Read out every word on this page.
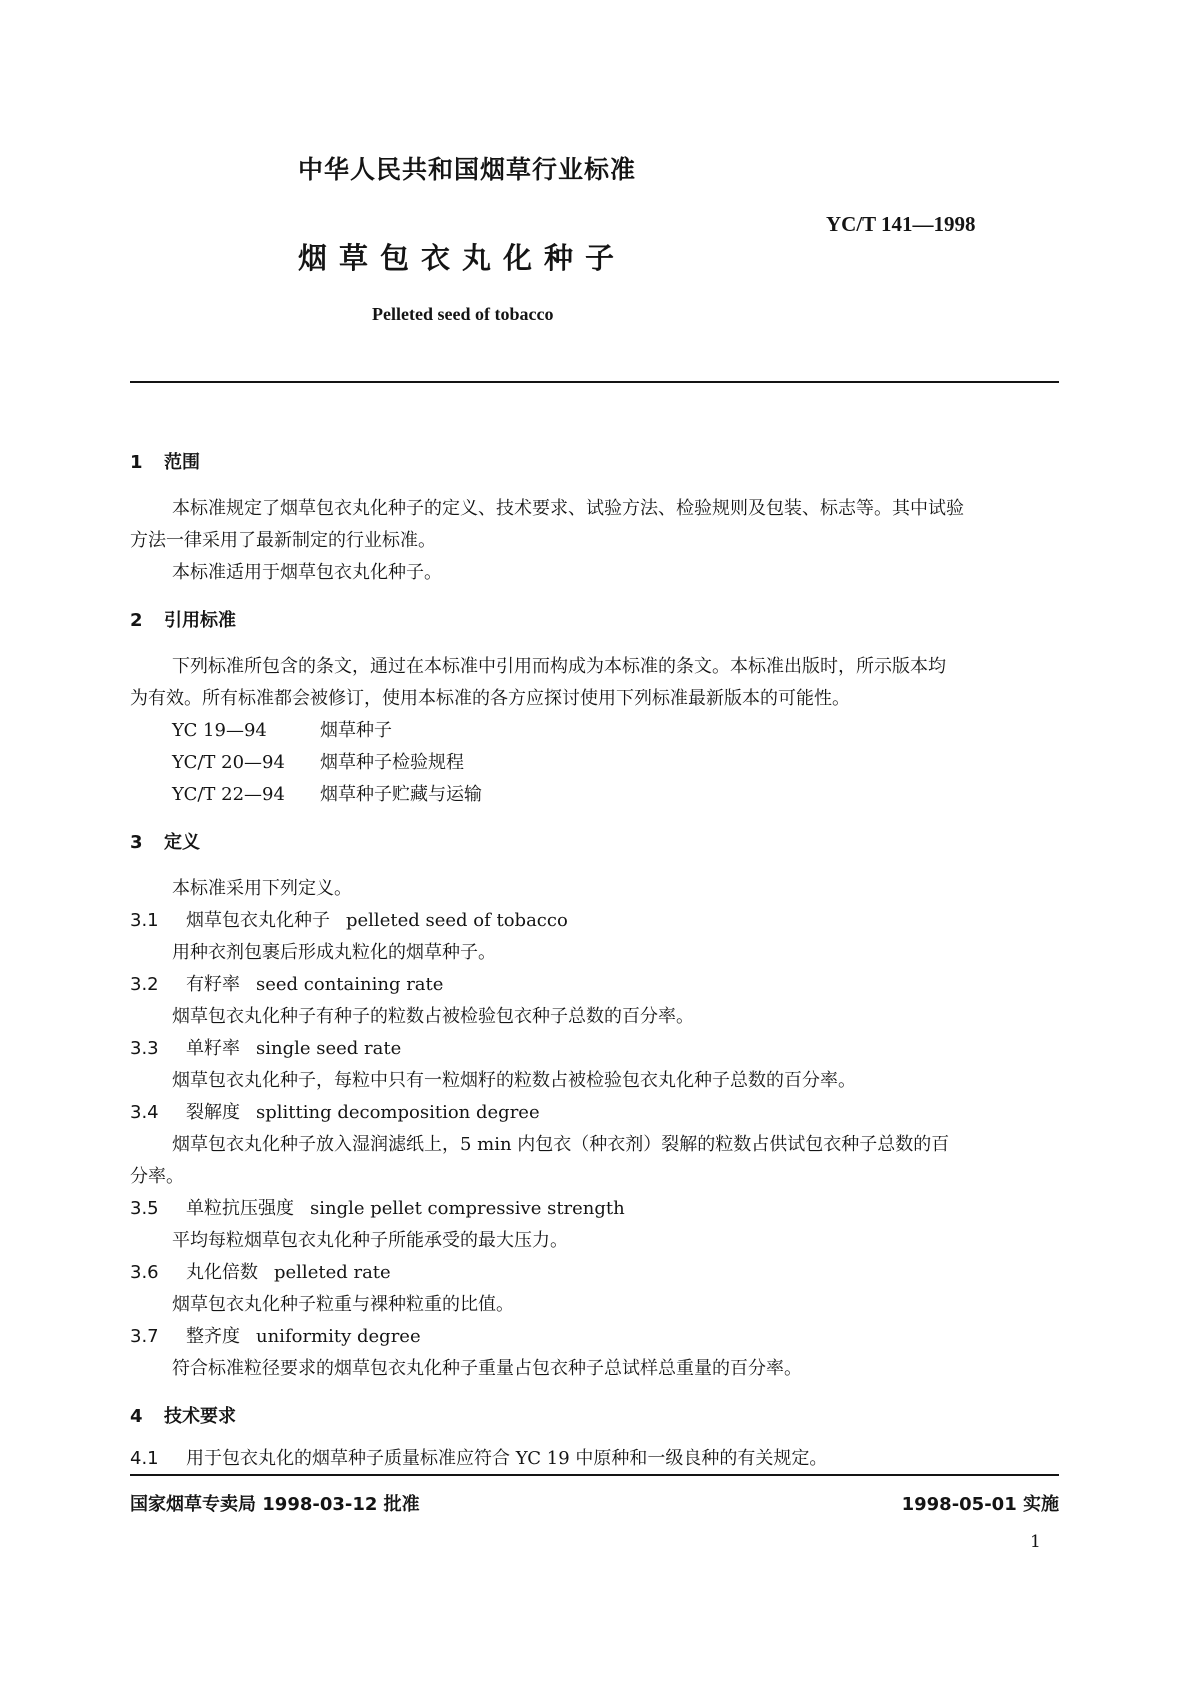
中华人民共和国烟草行业标准
YC/T 141—1998
烟草包衣丸化种子
Pelleted seed of tobacco
1 范围
本标准规定了烟草包衣丸化种子的定义、技术要求、试验方法、检验规则及包装、标志等。其中试验
方法一律采用了最新制定的行业标准。
本标准适用于烟草包衣丸化种子。
2 引用标准
下列标准所包含的条文，通过在本标准中引用而构成为本标准的条文。本标准出版时，所示版本均
为有效。所有标准都会被修订，使用本标准的各方应探讨使用下列标准最新版本的可能性。
YC 19—94	烟草种子
YC/T 20—94 烟草种子检验规程
YC/T 22—94 烟草种子贮藏与运输
3 定义
本标准采用下列定义。
3.1 烟草包衣丸化种子 pelleted seed of tobacco
用种衣剂包裹后形成丸粒化的烟草种子。
3.2 有籽率 seed containing rate
烟草包衣丸化种子有种子的粒数占被检验包衣种子总数的百分率。
3.3 单籽率 single seed rate
烟草包衣丸化种子，每粒中只有一粒烟籽的粒数占被检验包衣丸化种子总数的百分率。
3.4 裂解度 splitting decomposition degree
烟草包衣丸化种子放入湿润滤纸上，5 min 内包衣（种衣剂）裂解的粒数占供试包衣种子总数的百
分率。
3.5 单粒抗压强度 single pellet compressive strength
平均每粒烟草包衣丸化种子所能承受的最大压力。
3.6 丸化倍数 pelleted rate
烟草包衣丸化种子粒重与裸种粒重的比值。
3.7 整齐度 uniformity degree
符合标准粒径要求的烟草包衣丸化种子重量占包衣种子总试样总重量的百分率。
4 技术要求
4.1 用于包衣丸化的烟草种子质量标准应符合 YC 19 中原种和一级良种的有关规定。
国家烟草专卖局 1998-03-12 批准	1998-05-01 实施
1
